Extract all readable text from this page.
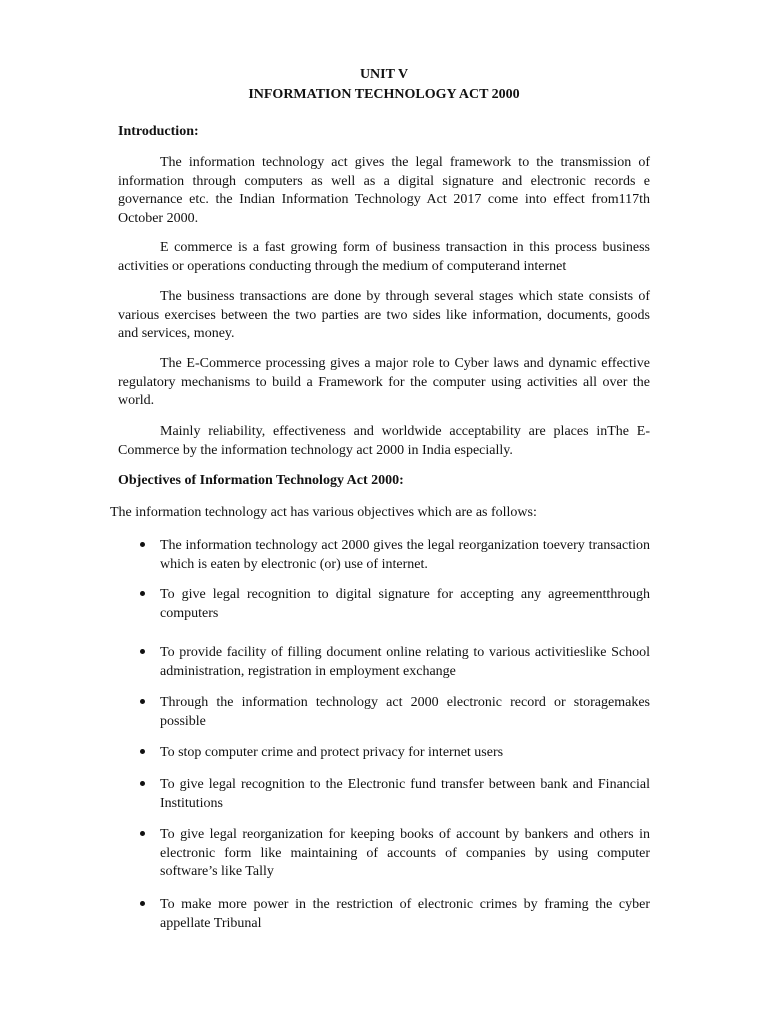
UNIT V
INFORMATION TECHNOLOGY ACT 2000
Introduction:

The information technology act gives the legal framework to the transmission of information through computers as well as a digital signature and electronic records e governance etc. the Indian Information Technology Act 2017 come into effect from117th October 2000.

E commerce is a fast growing form of business transaction in this process business activities or operations conducting through the medium of computerand internet

The business transactions are done by through several stages which state consists of various exercises between the two parties are two sides like information, documents, goods and services, money.

The E-Commerce processing gives a major role to Cyber laws and dynamic effective regulatory mechanisms to build a Framework for the computer using activities all over the world.

Mainly reliability, effectiveness and worldwide acceptability are places inThe E-Commerce by the information technology act 2000 in India especially.

Objectives of Information Technology Act 2000:
The information technology act has various objectives which are as follows:

The information technology act 2000 gives the legal reorganization toevery transaction which is eaten by electronic (or) use of internet.

To give legal recognition to digital signature for accepting any agreementthrough computers

To provide facility of filling document online relating to various activitieslike School administration, registration in employment exchange

Through the information technology act 2000 electronic record or storagemakes possible

To stop computer crime and protect privacy for internet users

To give legal recognition to the Electronic fund transfer between bank and Financial Institutions

To give legal reorganization for keeping books of account by bankers and others in electronic form like maintaining of accounts of companies by using computer software’s like Tally

To make more power in the restriction of electronic crimes by framing the cyber appellate Tribunal
